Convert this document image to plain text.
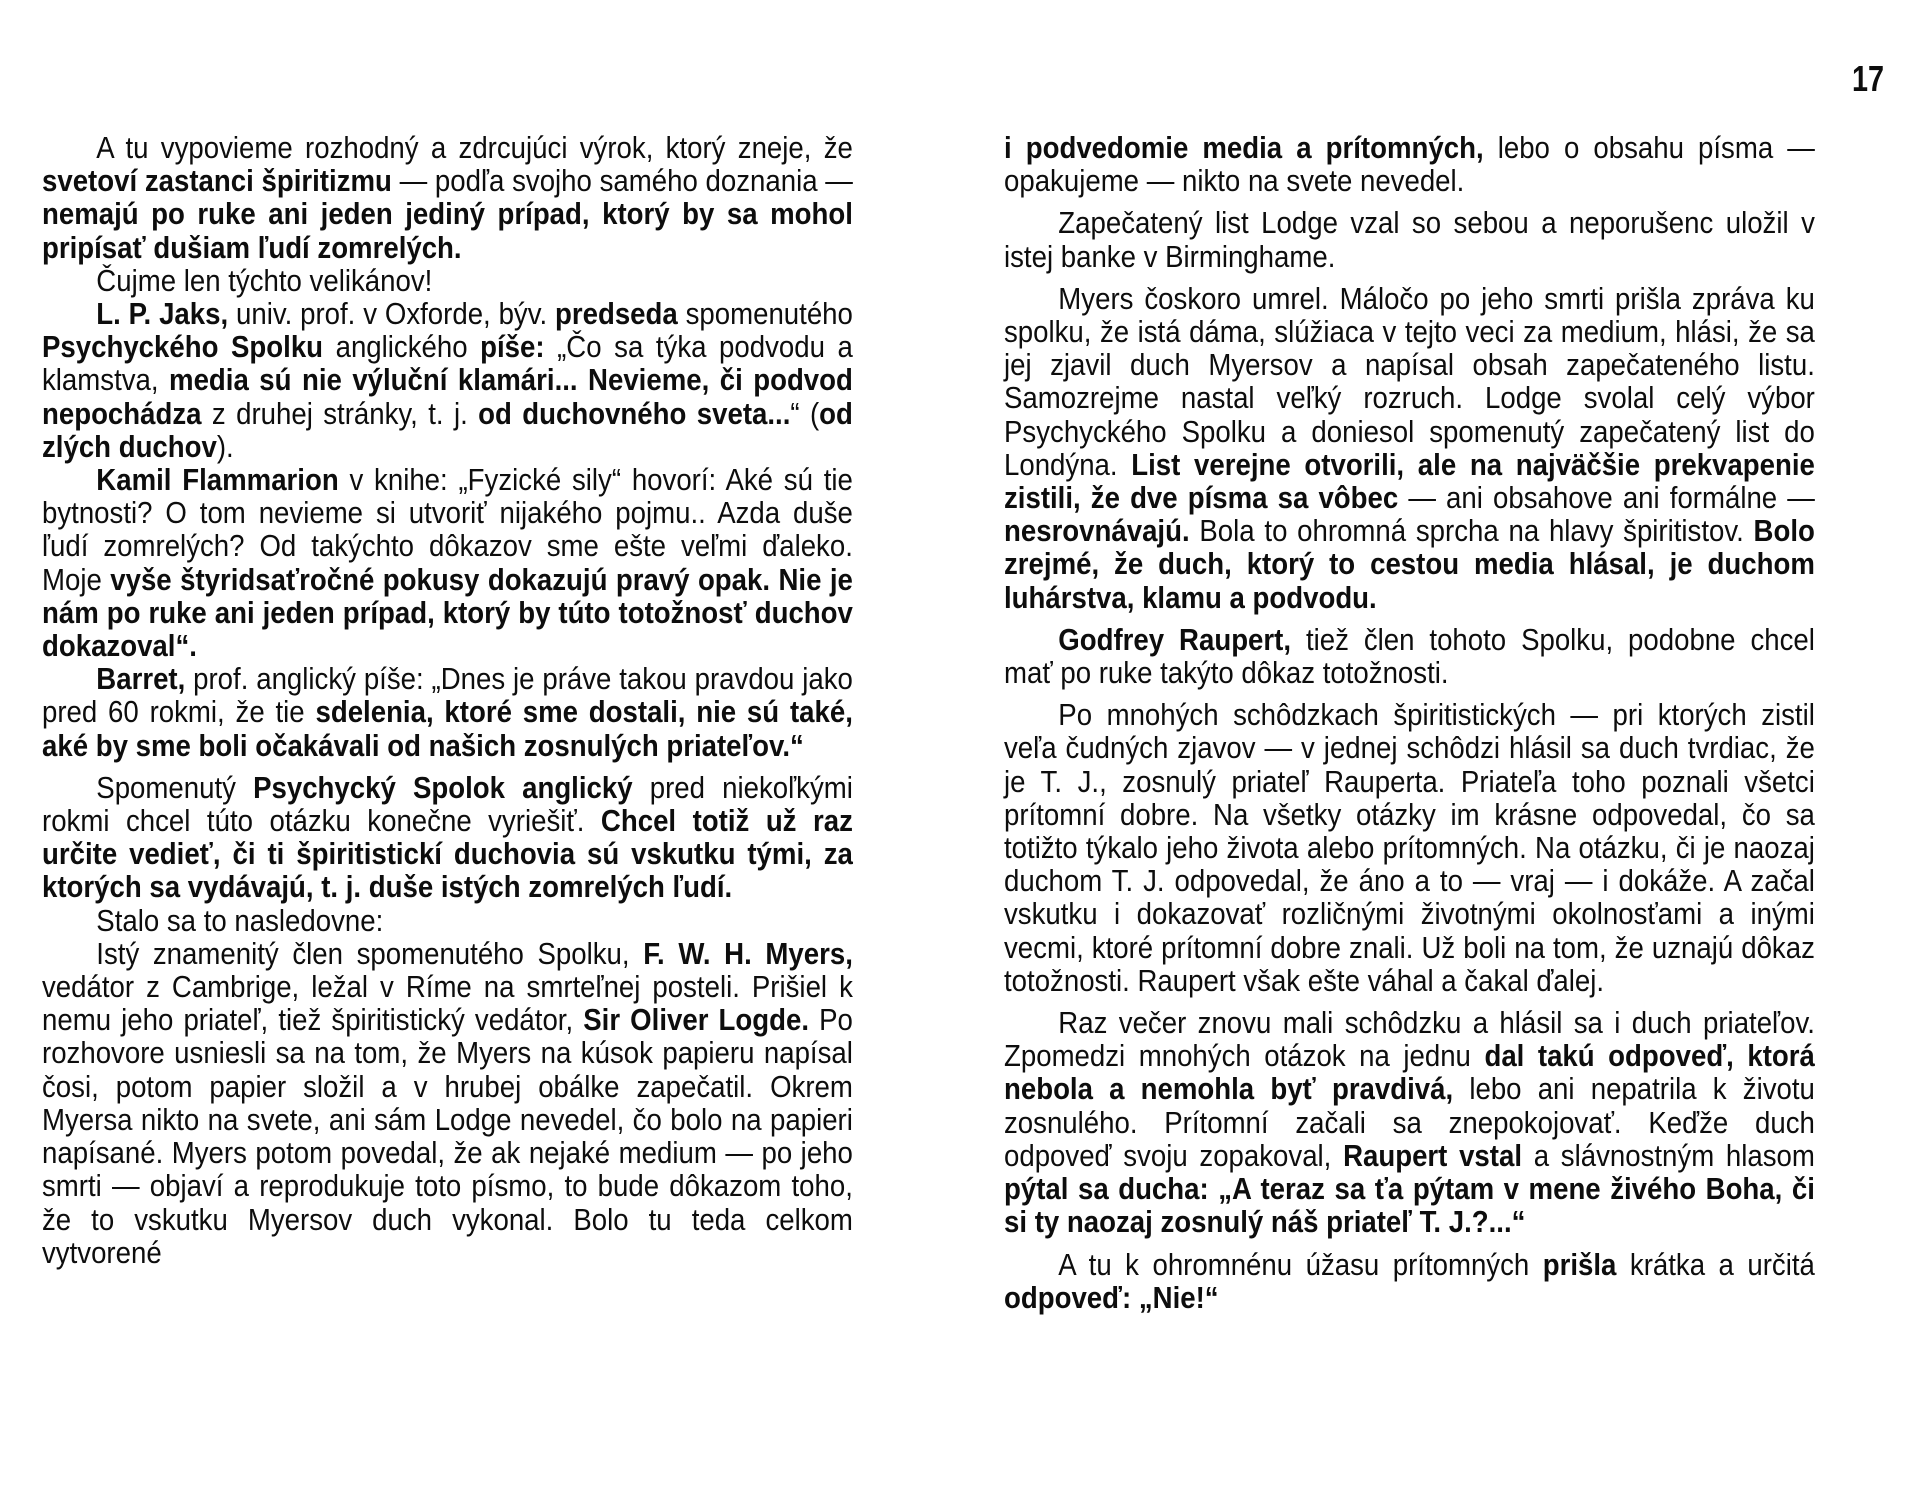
17

A tu vypovieme rozhodný a zdrcujúci výrok, ktorý zneje, že svetoví zastanci špiritizmu — podľa svojho samého doznania — nemajú po ruke ani jeden jediný prípad, ktorý by sa mohol pripísať dušiam ľudí zomrelých.

Čujme len týchto velikánov!

L. P. Jaks, univ. prof. v Oxforde, býv. predseda spomenutého Psychyckého Spolku anglického píše: „Čo sa týka podvodu a klamstva, media sú nie výluční klamári... Nevieme, či podvod nepochádza z druhej stránky, t. j. od duchovného sveta...“ (od zlých duchov).

Kamil Flammarion v knihe: „Fyzické sily“ hovorí: Aké sú tie bytnosti? O tom nevieme si utvoriť nijakého pojmu.. Azda duše ľudí zomrelých? Od takýchto dôkazov sme ešte veľmi ďaleko. Moje vyše štyridsaťročné pokusy dokazujú pravý opak. Nie je nám po ruke ani jeden prípad, ktorý by túto totožnosť duchov dokazoval“.

Barret, prof. anglický píše: „Dnes je práve takou pravdou jako pred 60 rokmi, že tie sdelenia, ktoré sme dostali, nie sú také, aké by sme boli očakávali od našich zosnulých priateľov.“

Spomenutý Psychycký Spolok anglický pred niekoľkými rokmi chcel túto otázku konečne vyriešiť. Chcel totiž už raz určite vedieť, či ti špiritistickí duchovia sú vskutku tými, za ktorých sa vydávajú, t. j. duše istých zomrelých ľudí.

Stalo sa to nasledovne:

Istý znamenitý člen spomenutého Spolku, F. W. H. Myers, vedátor z Cambrige, ležal v Ríme na smrteľnej posteli. Prišiel k nemu jeho priateľ, tiež špiritistický vedátor, Sir Oliver Logde. Po rozhovore usniesli sa na tom, že Myers na kúsok papieru napísal čosi, potom papier složil a v hrubej obálke zapečatil. Okrem Myersa nikto na svete, ani sám Lodge nevedel, čo bolo na papieri napísané. Myers potom povedal, že ak nejaké medium — po jeho smrti — objaví a reprodukuje toto písmo, to bude dôkazom toho, že to vskutku Myersov duch vykonal. Bolo tu teda celkom vytvorené

i podvedomie media a prítomných, lebo o obsahu písma — opakujeme — nikto na svete nevedel.

Zapečatený list Lodge vzal so sebou a neporušenc uložil v istej banke v Birminghame.

Myers čoskoro umrel. Máločo po jeho smrti prišla zpráva ku spolku, že istá dáma, slúžiaca v tejto veci za medium, hlási, že sa jej zjavil duch Myersov a napísal obsah zapečateného listu. Samozrejme nastal veľký rozruch. Lodge svolal celý výbor Psychyckého Spolku a doniesol spomenutý zapečatený list do Londýna. List verejne otvorili, ale na najväčšie prekvapenie zistili, že dve písma sa vôbec — ani obsahove ani formálne — nesrovnávajú. Bola to ohromná sprcha na hlavy špiritistov. Bolo zrejmé, že duch, ktorý to cestou media hlásal, je duchom luhárstva, klamu a podvodu.

Godfrey Raupert, tiež člen tohoto Spolku, podobne chcel mať po ruke takýto dôkaz totožnosti.

Po mnohých schôdzkach špiritistických — pri ktorých zistil veľa čudných zjavov — v jednej schôdzi hlásil sa duch tvrdiac, že je T. J., zosnulý priateľ Rauperta. Priateľa toho poznali všetci prítomní dobre. Na všetky otázky im krásne odpovedal, čo sa totižto týkalo jeho života alebo prítomných. Na otázku, či je naozaj duchom T. J. odpovedal, že áno a to — vraj — i dokáže. A začal vskutku i dokazovať rozličnými životnými okolnosťami a inými vecmi, ktoré prítomní dobre znali. Už boli na tom, že uznajú dôkaz totožnosti. Raupert však ešte váhal a čakal ďalej.

Raz večer znovu mali schôdzku a hlásil sa i duch priateľov. Zpomedzi mnohých otázok na jednu dal takú odpoveď, ktorá nebola a nemohla byť pravdivá, lebo ani nepatrila k životu zosnulého. Prítomní začali sa znepokojovať. Keďže duch odpoveď svoju zopakoval, Raupert vstal a slávnostným hlasom pýtal sa ducha: „A teraz sa ťa pýtam v mene živého Boha, či si ty naozaj zosnulý náš priateľ T. J.?...“

A tu k ohromnénu úžasu prítomných prišla krátka a určitá odpoveď: „Nie!“
